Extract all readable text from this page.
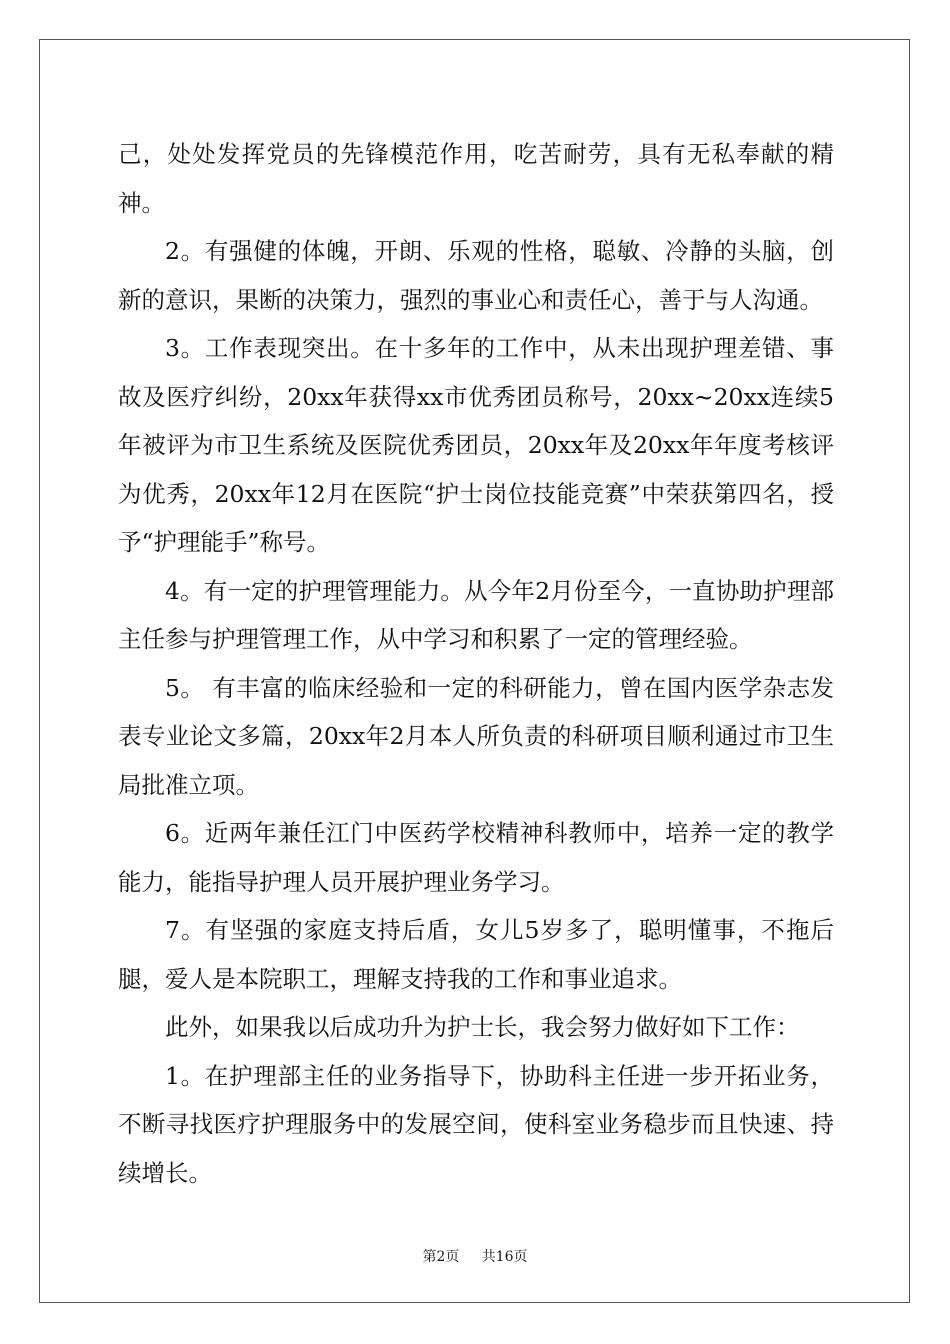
己，处处发挥党员的先锋模范作用，吃苦耐劳，具有无私奉献的精神。

2。有强健的体魄，开朗、乐观的性格，聪敏、冷静的头脑，创新的意识，果断的决策力，强烈的事业心和责任心，善于与人沟通。

3。工作表现突出。在十多年的工作中，从未出现护理差错、事故及医疗纠纷，20xx年获得xx市优秀团员称号，20xx~20xx连续5年被评为市卫生系统及医院优秀团员，20xx年及20xx年年度考核评为优秀，20xx年12月在医院“护士岗位技能竞赛”中荣获第四名，授予“护理能手”称号。

4。有一定的护理管理能力。从今年2月份至今，一直协助护理部主任参与护理管理工作，从中学习和积累了一定的管理经验。

5。 有丰富的临床经验和一定的科研能力，曾在国内医学杂志发表专业论文多篇，20xx年2月本人所负责的科研项目顺利通过市卫生局批准立项。

6。近两年兼任江门中医药学校精神科教师中，培养一定的教学能力，能指导护理人员开展护理业务学习。

7。有坚强的家庭支持后盾，女儿5岁多了，聪明懂事，不拖后腿，爱人是本院职工，理解支持我的工作和事业追求。

此外，如果我以后成功升为护士长，我会努力做好如下工作：

1。在护理部主任的业务指导下，协助科主任进一步开拓业务，不断寻找医疗护理服务中的发展空间，使科室业务稳步而且快速、持续增长。

第2页 共16页
